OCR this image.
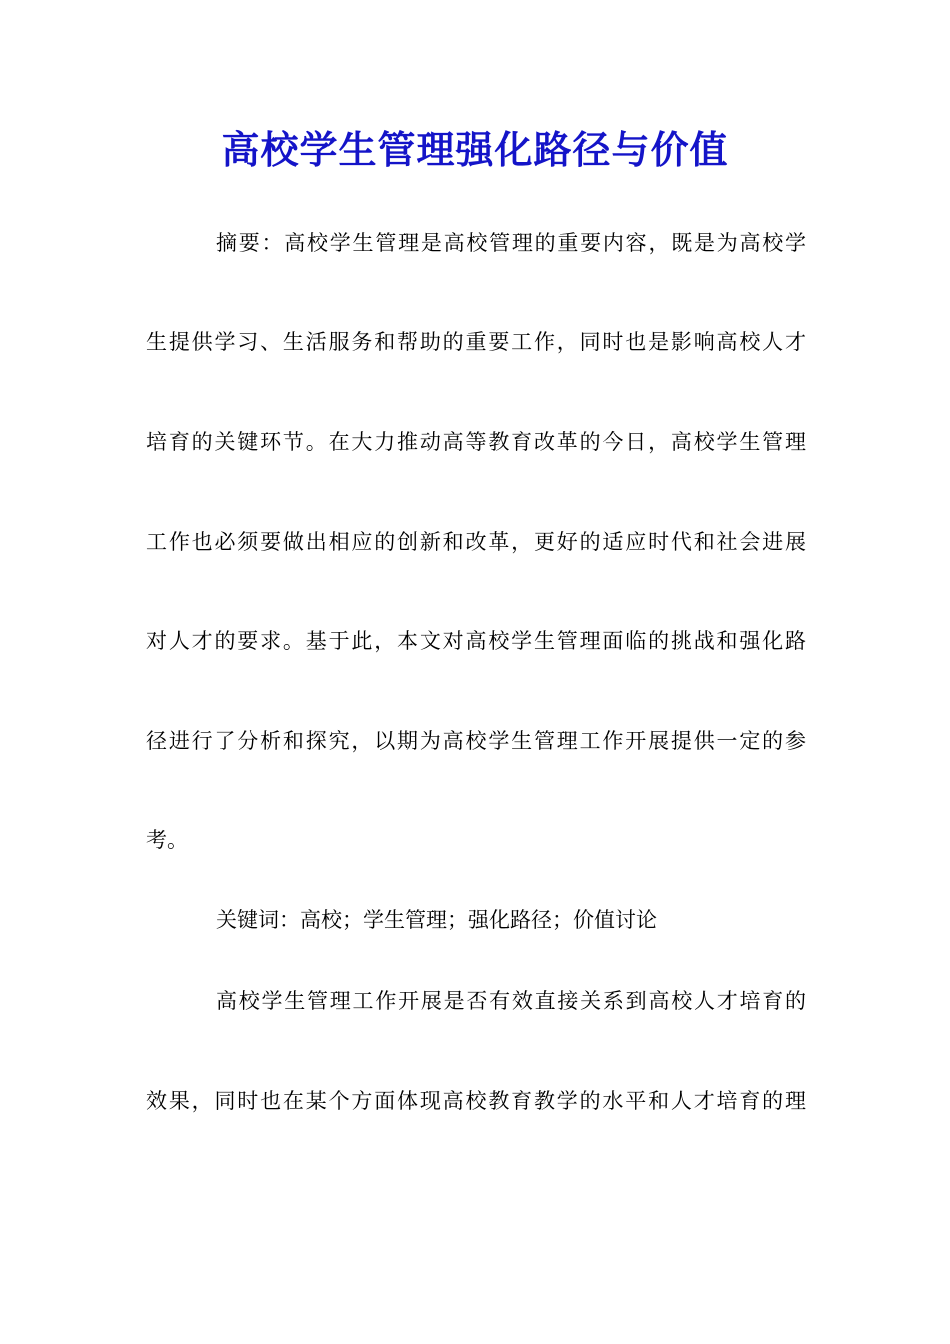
高校学生管理强化路径与价值
摘要：高校学生管理是高校管理的重要内容，既是为高校学
生提供学习、生活服务和帮助的重要工作，同时也是影响高校人才
培育的关键环节。在大力推动高等教育改革的今日，高校学生管理
工作也必须要做出相应的创新和改革，更好的适应时代和社会进展
对人才的要求。基于此，本文对高校学生管理面临的挑战和强化路
径进行了分析和探究，以期为高校学生管理工作开展提供一定的参
考。
关键词：高校；学生管理；强化路径；价值讨论
高校学生管理工作开展是否有效直接关系到高校人才培育的
效果，同时也在某个方面体现高校教育教学的水平和人才培育的理
